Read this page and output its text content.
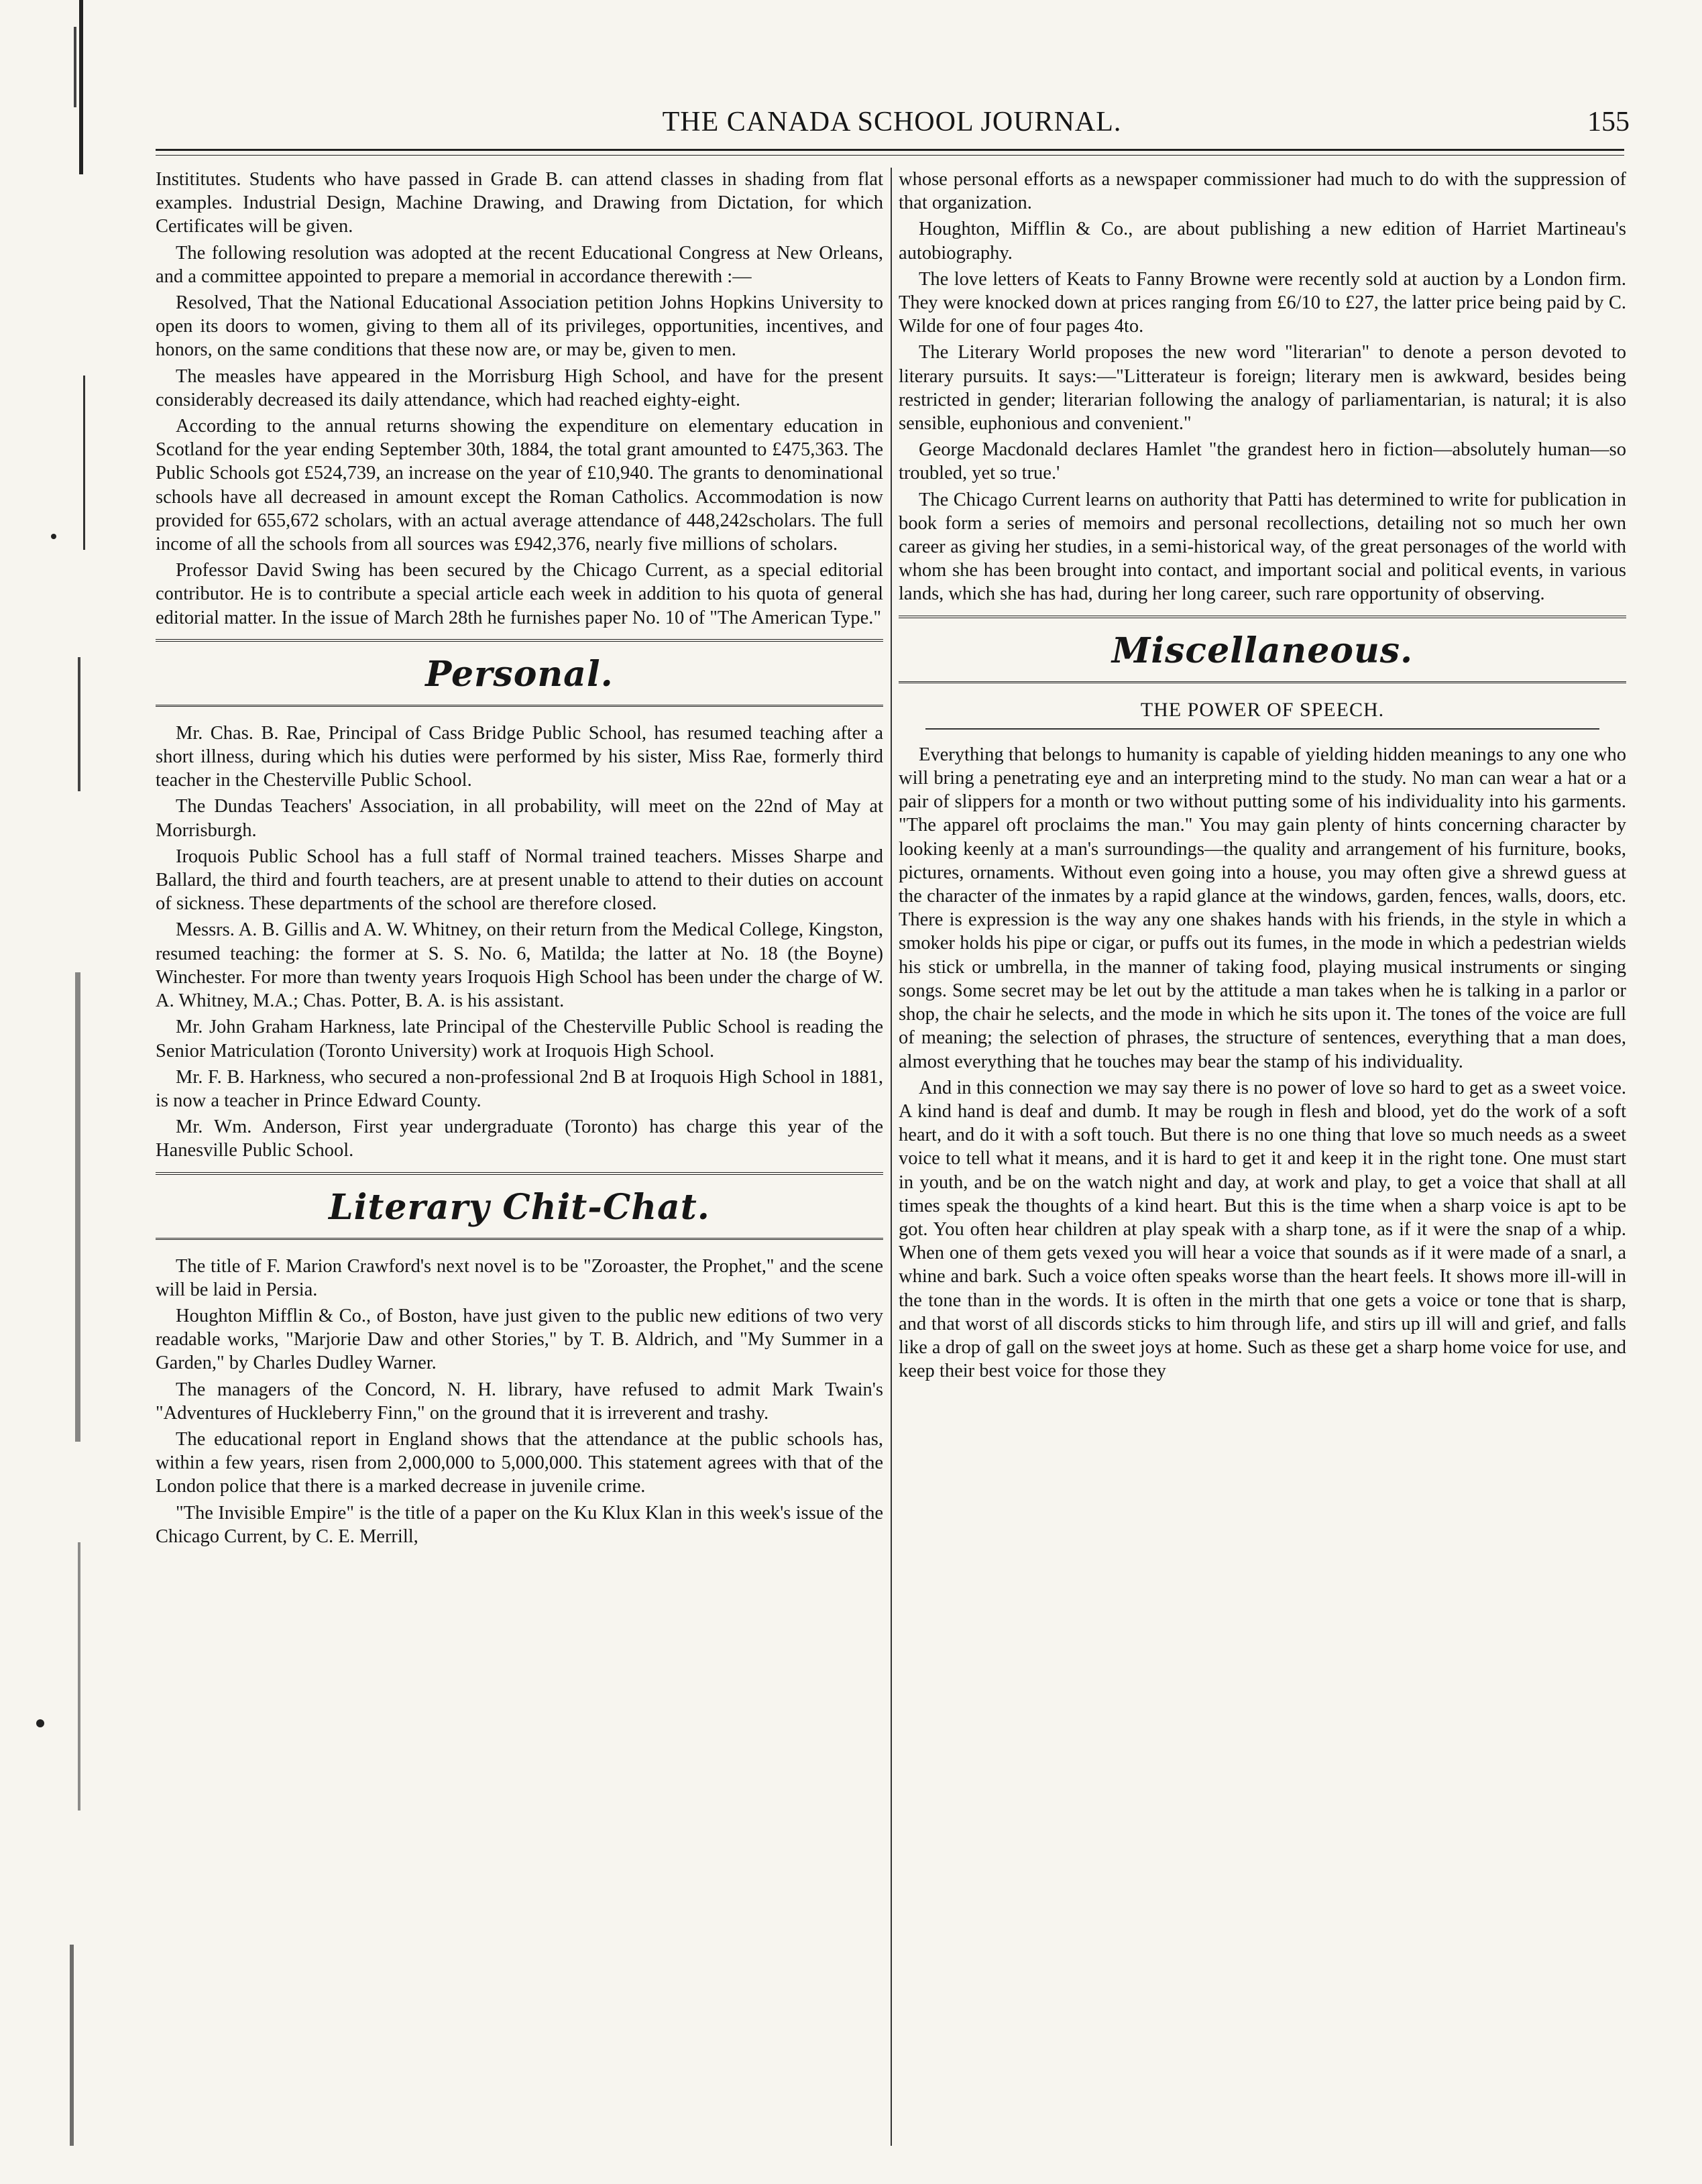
THE CANADA SCHOOL JOURNAL.	155

Instititutes. Students who have passed in Grade B. can attend classes in shading from flat examples. Industrial Design, Machine Drawing, and Drawing from Dictation, for which Certificates will be given.

The following resolution was adopted at the recent Educational Congress at New Orleans, and a committee appointed to prepare a memorial in accordance therewith :—

Resolved, That the National Educational Association petition Johns Hopkins University to open its doors to women, giving to them all of its privileges, opportunities, incentives, and honors, on the same conditions that these now are, or may be, given to men.

The measles have appeared in the Morrisburg High School, and have for the present considerably decreased its daily attendance, which had reached eighty-eight.

According to the annual returns showing the expenditure on elementary education in Scotland for the year ending September 30th, 1884, the total grant amounted to £475,363. The Public Schools got £524,739, an increase on the year of £10,940. The grants to denominational schools have all decreased in amount except the Roman Catholics. Accommodation is now provided for 655,672 scholars, with an actual average attendance of 448,242scholars. The full income of all the schools from all sources was £942,376, nearly five millions of scholars.

Professor David Swing has been secured by the Chicago Current, as a special editorial contributor. He is to contribute a special article each week in addition to his quota of general editorial matter. In the issue of March 28th he furnishes paper No. 10 of "The American Type."

Personal.

Mr. Chas. B. Rae, Principal of Cass Bridge Public School, has resumed teaching after a short illness, during which his duties were performed by his sister, Miss Rae, formerly third teacher in the Chesterville Public School.

The Dundas Teachers' Association, in all probability, will meet on the 22nd of May at Morrisburgh.

Iroquois Public School has a full staff of Normal trained teachers. Misses Sharpe and Ballard, the third and fourth teachers, are at present unable to attend to their duties on account of sickness. These departments of the school are therefore closed.

Messrs. A. B. Gillis and A. W. Whitney, on their return from the Medical College, Kingston, resumed teaching: the former at S. S. No. 6, Matilda; the latter at No. 18 (the Boyne) Winchester. For more than twenty years Iroquois High School has been under the charge of W. A. Whitney, M.A.; Chas. Potter, B. A. is his assistant.

Mr. John Graham Harkness, late Principal of the Chesterville Public School is reading the Senior Matriculation (Toronto University) work at Iroquois High School.

Mr. F. B. Harkness, who secured a non-professional 2nd B at Iroquois High School in 1881, is now a teacher in Prince Edward County.

Mr. Wm. Anderson, First year undergraduate (Toronto) has charge this year of the Hanesville Public School.

Literary Chit-Chat.

The title of F. Marion Crawford's next novel is to be "Zoroaster, the Prophet," and the scene will be laid in Persia.

Houghton Mifflin & Co., of Boston, have just given to the public new editions of two very readable works, "Marjorie Daw and other Stories," by T. B. Aldrich, and "My Summer in a Garden," by Charles Dudley Warner.

The managers of the Concord, N. H. library, have refused to admit Mark Twain's "Adventures of Huckleberry Finn," on the ground that it is irreverent and trashy.

The educational report in England shows that the attendance at the public schools has, within a few years, risen from 2,000,000 to 5,000,000. This statement agrees with that of the London police that there is a marked decrease in juvenile crime.

"The Invisible Empire" is the title of a paper on the Ku Klux Klan in this week's issue of the Chicago Current, by C. E. Merrill,

whose personal efforts as a newspaper commissioner had much to do with the suppression of that organization.

Houghton, Mifflin & Co., are about publishing a new edition of Harriet Martineau's autobiography.

The love letters of Keats to Fanny Browne were recently sold at auction by a London firm. They were knocked down at prices ranging from £6/10 to £27, the latter price being paid by C. Wilde for one of four pages 4to.

The Literary World proposes the new word "literarian" to denote a person devoted to literary pursuits. It says:—"Litterateur is foreign; literary men is awkward, besides being restricted in gender; literarian following the analogy of parliamentarian, is natural; it is also sensible, euphonious and convenient."

George Macdonald declares Hamlet "the grandest hero in fiction—absolutely human—so troubled, yet so true.'

The Chicago Current learns on authority that Patti has determined to write for publication in book form a series of memoirs and personal recollections, detailing not so much her own career as giving her studies, in a semi-historical way, of the great personages of the world with whom she has been brought into contact, and important social and political events, in various lands, which she has had, during her long career, such rare opportunity of observing.

Miscellaneous.
THE POWER OF SPEECH.

Everything that belongs to humanity is capable of yielding hidden meanings to any one who will bring a penetrating eye and an interpreting mind to the study. No man can wear a hat or a pair of slippers for a month or two without putting some of his individuality into his garments. "The apparel oft proclaims the man." You may gain plenty of hints concerning character by looking keenly at a man's surroundings—the quality and arrangement of his furniture, books, pictures, ornaments. Without even going into a house, you may often give a shrewd guess at the character of the inmates by a rapid glance at the windows, garden, fences, walls, doors, etc. There is expression is the way any one shakes hands with his friends, in the style in which a smoker holds his pipe or cigar, or puffs out its fumes, in the mode in which a pedestrian wields his stick or umbrella, in the manner of taking food, playing musical instruments or singing songs. Some secret may be let out by the attitude a man takes when he is talking in a parlor or shop, the chair he selects, and the mode in which he sits upon it. The tones of the voice are full of meaning; the selection of phrases, the structure of sentences, everything that a man does, almost everything that he touches may bear the stamp of his individuality.

And in this connection we may say there is no power of love so hard to get as a sweet voice. A kind hand is deaf and dumb. It may be rough in flesh and blood, yet do the work of a soft heart, and do it with a soft touch. But there is no one thing that love so much needs as a sweet voice to tell what it means, and it is hard to get it and keep it in the right tone. One must start in youth, and be on the watch night and day, at work and play, to get a voice that shall at all times speak the thoughts of a kind heart. But this is the time when a sharp voice is apt to be got. You often hear children at play speak with a sharp tone, as if it were the snap of a whip. When one of them gets vexed you will hear a voice that sounds as if it were made of a snarl, a whine and bark. Such a voice often speaks worse than the heart feels. It shows more ill-will in the tone than in the words. It is often in the mirth that one gets a voice or tone that is sharp, and that worst of all discords sticks to him through life, and stirs up ill will and grief, and falls like a drop of gall on the sweet joys at home. Such as these get a sharp home voice for use, and keep their best voice for those they
